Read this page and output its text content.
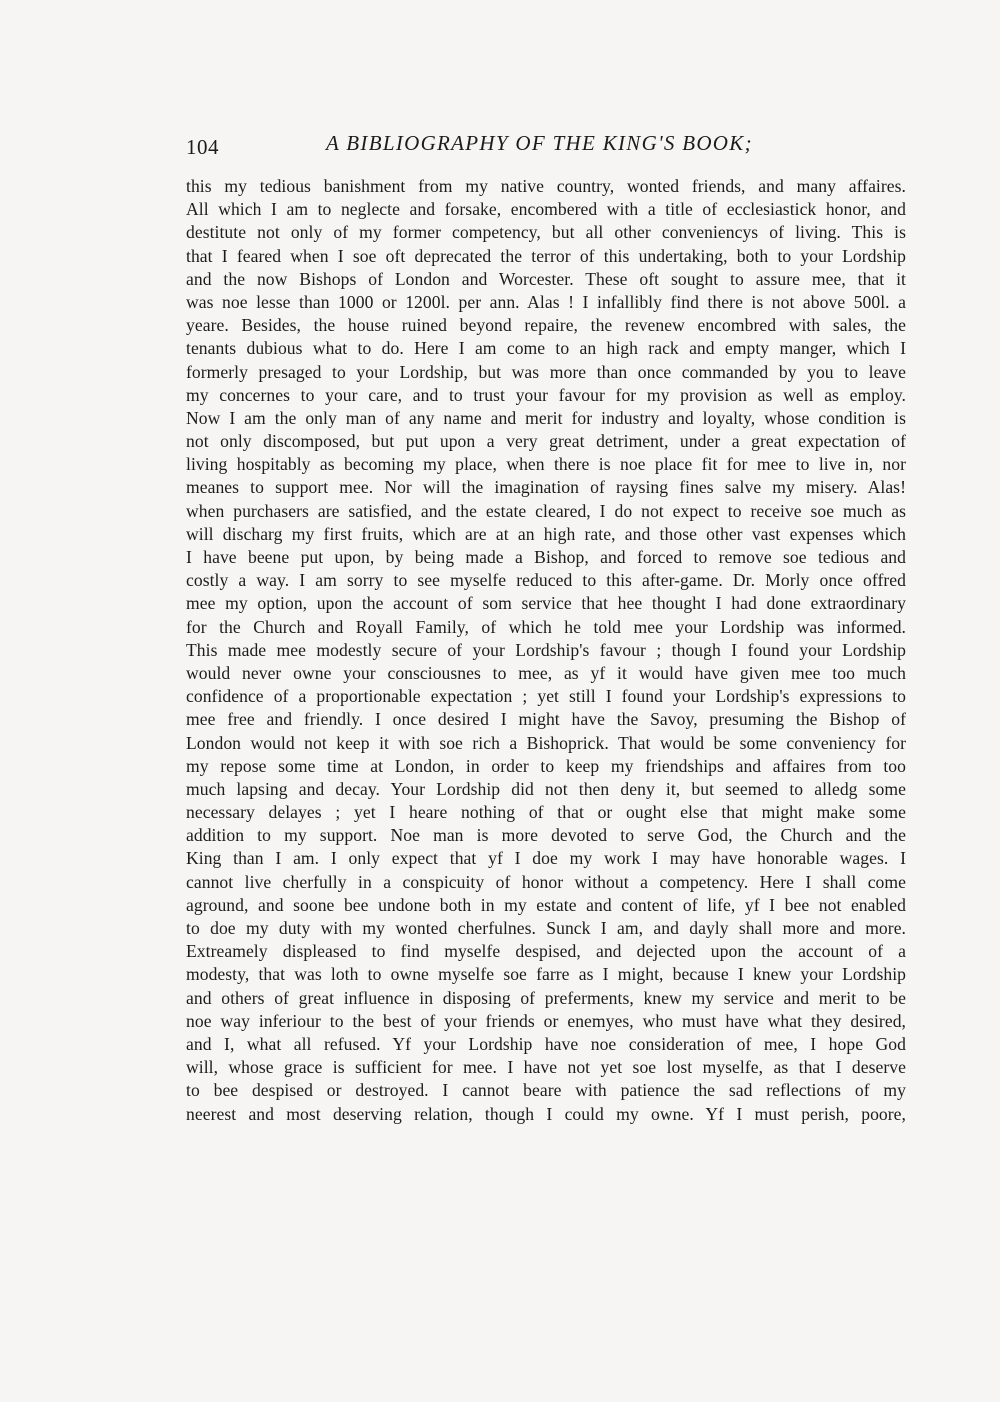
104	A BIBLIOGRAPHY OF THE KING'S BOOK;
this my tedious banishment from my native country, wonted friends, and many affaires.
All which I am to neglecte and forsake, encombered with a title of ecclesiastick honor, and
destitute not only of my former competency, but all other conveniencys of living. This is
that I feared when I soe oft deprecated the terror of this undertaking, both to your Lordship
and the now Bishops of London and Worcester. These oft sought to assure mee, that it
was noe lesse than 1000 or 1200l. per ann. Alas ! I infallibly find there is not above 500l. a
yeare. Besides, the house ruined beyond repaire, the revenew encombred with sales, the
tenants dubious what to do. Here I am come to an high rack and empty manger, which I
formerly presaged to your Lordship, but was more than once commanded by you to leave
my concernes to your care, and to trust your favour for my provision as well as employ.
Now I am the only man of any name and merit for industry and loyalty, whose condition is
not only discomposed, but put upon a very great detriment, under a great expectation of
living hospitably as becoming my place, when there is noe place fit for mee to live in, nor
meanes to support mee. Nor will the imagination of raysing fines salve my misery. Alas!
when purchasers are satisfied, and the estate cleared, I do not expect to receive soe much as
will discharg my first fruits, which are at an high rate, and those other vast expenses which
I have beene put upon, by being made a Bishop, and forced to remove soe tedious and
costly a way. I am sorry to see myselfe reduced to this after-game. Dr. Morly once offred
mee my option, upon the account of som service that hee thought I had done extraordinary
for the Church and Royall Family, of which he told mee your Lordship was informed.
This made mee modestly secure of your Lordship's favour ; though I found your Lordship
would never owne your consciousnes to mee, as yf it would have given mee too much
confidence of a proportionable expectation ; yet still I found your Lordship's expressions to
mee free and friendly. I once desired I might have the Savoy, presuming the Bishop of
London would not keep it with soe rich a Bishoprick. That would be some conveniency for
my repose some time at London, in order to keep my friendships and affaires from too
much lapsing and decay. Your Lordship did not then deny it, but seemed to alledg some
necessary delayes ; yet I heare nothing of that or ought else that might make some
addition to my support. Noe man is more devoted to serve God, the Church and the
King than I am. I only expect that yf I doe my work I may have honorable wages. I
cannot live cherfully in a conspicuity of honor without a competency. Here I shall come
aground, and soone bee undone both in my estate and content of life, yf I bee not enabled
to doe my duty with my wonted cherfulnes. Sunck I am, and dayly shall more and more.
Extreamely displeased to find myselfe despised, and dejected upon the account of a
modesty, that was loth to owne myselfe soe farre as I might, because I knew your Lordship
and others of great influence in disposing of preferments, knew my service and merit to be
noe way inferiour to the best of your friends or enemyes, who must have what they desired,
and I, what all refused. Yf your Lordship have noe consideration of mee, I hope God
will, whose grace is sufficient for mee. I have not yet soe lost myselfe, as that I deserve
to bee despised or destroyed. I cannot beare with patience the sad reflections of my
neerest and most deserving relation, though I could my owne. Yf I must perish, poore,
